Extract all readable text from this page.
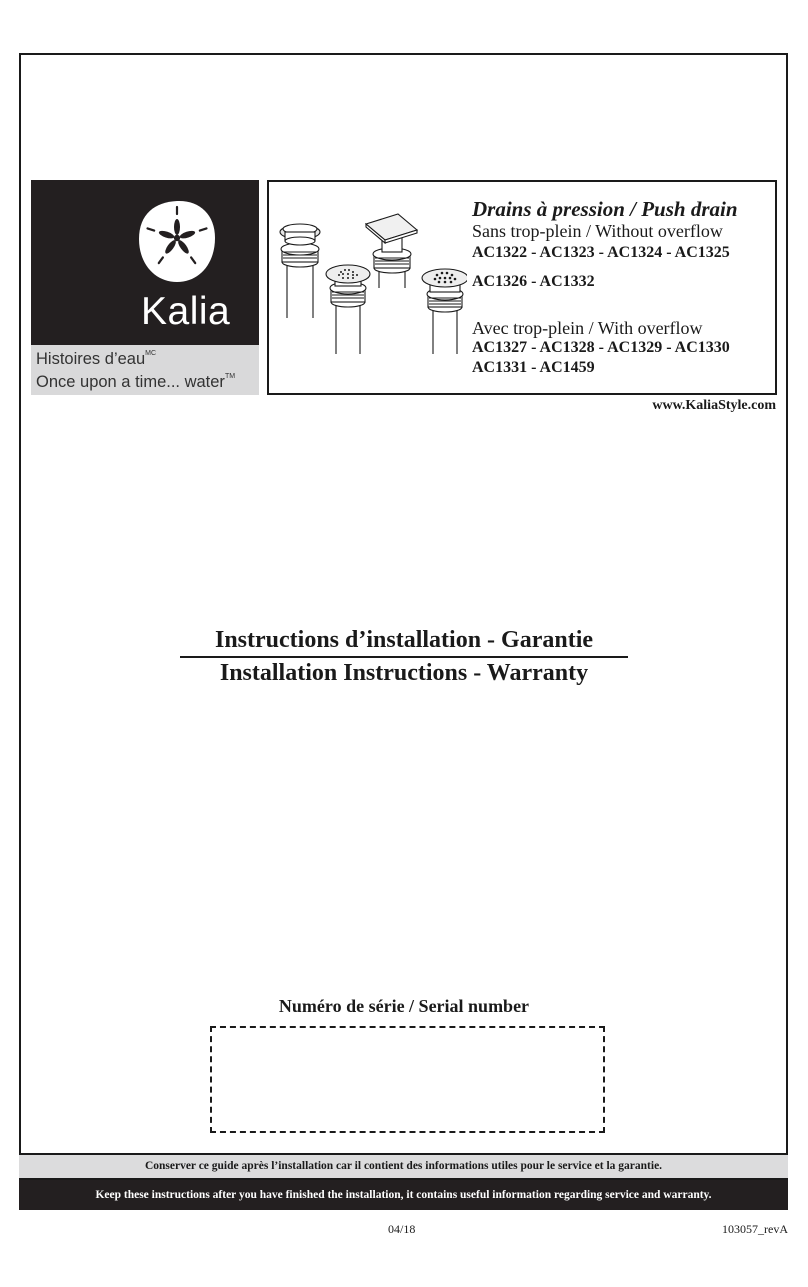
Kalia
Histoires d’eau$^{MC}$
Once upon a time... water™
Drains à pression / Push drain
Sans trop-plein / Without overflow
AC1322 - AC1323 - AC1324 - AC1325
AC1326 - AC1332
Avec trop-plein / With overflow
AC1327 - AC1328 - AC1329 - AC1330
AC1331 - AC1459
www.KaliaStyle.com
Instructions d’installation - Garantie
Installation Instructions - Warranty
Numéro de série / Serial number
Conserver ce guide après l’installation car il contient des informations utiles pour le service et la garantie.
Keep these instructions after you have finished the installation, it contains useful information regarding service and warranty.
04/18	103057_revA
